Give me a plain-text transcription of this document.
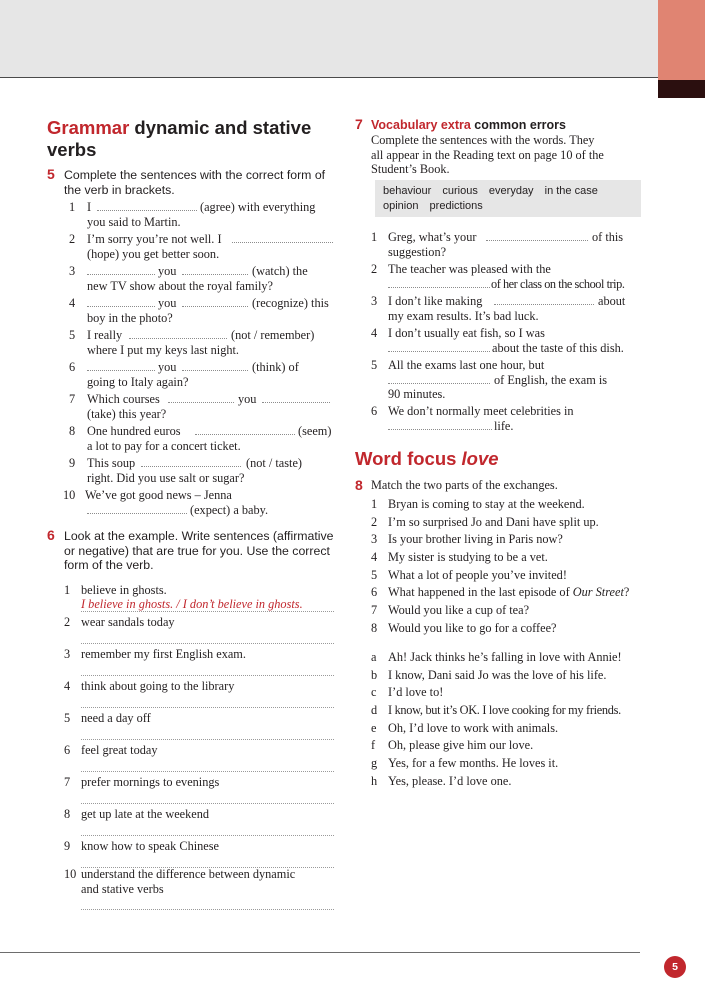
Grammar dynamic and stative
verbs
5 Complete the sentences with the correct form of
the verb in brackets.
1 I	(agree) with everything
you said to Martin.
2 I’m sorry you’re not well. I
(hope) you get better soon.
3	you	(watch) the
new TV show about the royal family?
4	you	(recognize) this
boy in the photo?
5 I really	(not / remember)
where I put my keys last night.
6	you	(think) of
going to Italy again?
7 Which courses	you
(take) this year?
8 One hundred euros	(seem)
a lot to pay for a concert ticket.
9 This soup	(not / taste)
right. Did you use salt or sugar?
10 We’ve got good news – Jenna
(expect) a baby.
6 Look at the example. Write sentences (affirmative
or negative) that are true for you. Use the correct
form of the verb.
1 believe in ghosts.
I believe in ghosts. / I don’t believe in ghosts.
2 wear sandals today
3 remember my first English exam.
4 think about going to the library
5 need a day off
6 feel great today
7 prefer mornings to evenings
8 get up late at the weekend
9 know how to speak Chinese
10 understand the difference between dynamic
and stative verbs
7 Vocabulary extra common errors
Complete the sentences with the words. They
all appear in the Reading text on page 10 of the
Student’s Book.
behaviour curious everyday in the case
opinion predictions
1 Greg, what’s your	of this
suggestion?
2 The teacher was pleased with the
of her class on the school trip.
3 I don’t like making	about
my exam results. It’s bad luck.
4 I don’t usually eat fish, so I was
about the taste of this dish.
5 All the exams last one hour, but
of English, the exam is
90 minutes.
6 We don’t normally meet celebrities in
life.
Word focus love
8 Match the two parts of the exchanges.
1 Bryan is coming to stay at the weekend.
2 I’m so surprised Jo and Dani have split up.
3 Is your brother living in Paris now?
4 My sister is studying to be a vet.
5 What a lot of people you’ve invited!
6 What happened in the last episode of Our Street?
7 Would you like a cup of tea?
8 Would you like to go for a coffee?
a Ah! Jack thinks he’s falling in love with Annie!
b I know, Dani said Jo was the love of his life.
c I’d love to!
d I know, but it’s OK. I love cooking for my friends.
e Oh, I’d love to work with animals.
f Oh, please give him our love.
g Yes, for a few months. He loves it.
h Yes, please. I’d love one.
5
